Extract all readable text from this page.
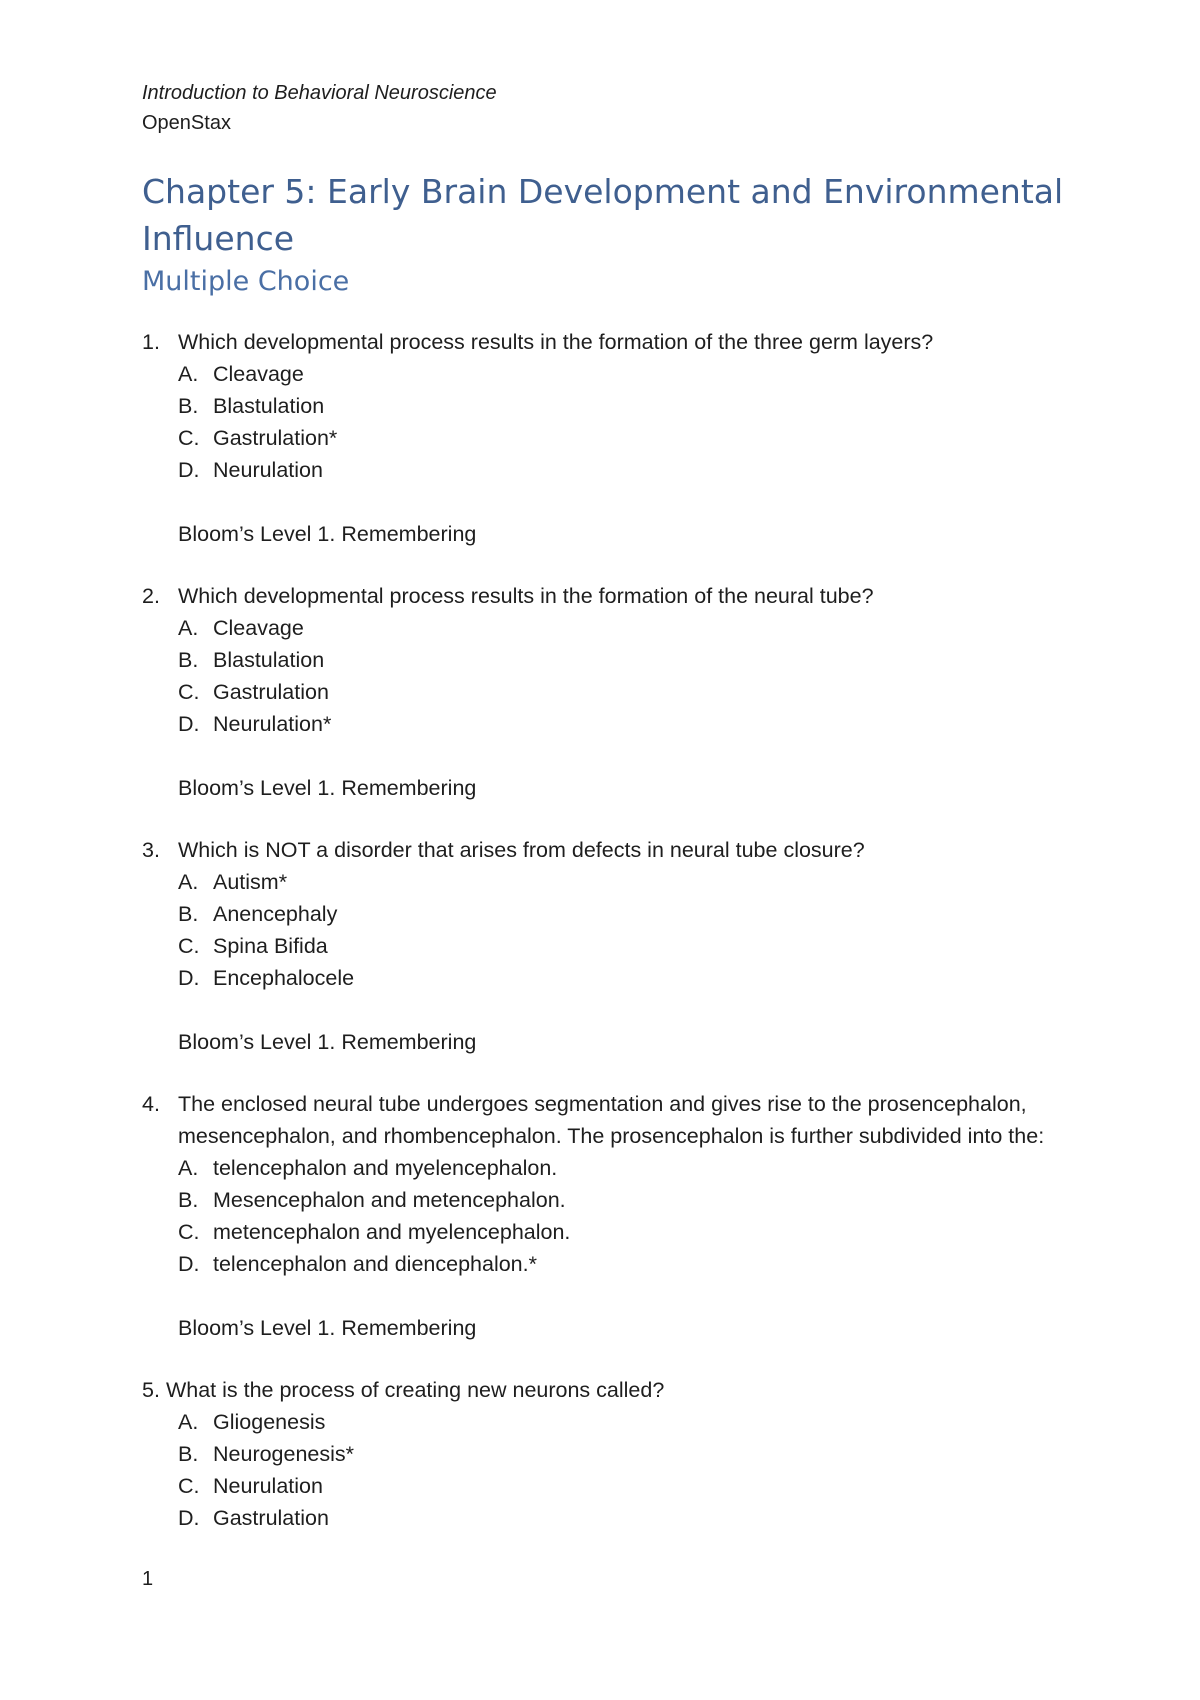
Introduction to Behavioral Neuroscience
OpenStax
Chapter 5: Early Brain Development and Environmental Influence
Multiple Choice
1. Which developmental process results in the formation of the three germ layers?
A. Cleavage
B. Blastulation
C. Gastrulation*
D. Neurulation
Bloom’s Level 1. Remembering
2. Which developmental process results in the formation of the neural tube?
A. Cleavage
B. Blastulation
C. Gastrulation
D. Neurulation*
Bloom’s Level 1. Remembering
3. Which is NOT a disorder that arises from defects in neural tube closure?
A. Autism*
B. Anencephaly
C. Spina Bifida
D. Encephalocele
Bloom’s Level 1. Remembering
4. The enclosed neural tube undergoes segmentation and gives rise to the prosencephalon, mesencephalon, and rhombencephalon. The prosencephalon is further subdivided into the:
A. telencephalon and myelencephalon.
B. Mesencephalon and metencephalon.
C. metencephalon and myelencephalon.
D. telencephalon and diencephalon.*
Bloom’s Level 1. Remembering
5. What is the process of creating new neurons called?
A. Gliogenesis
B. Neurogenesis*
C. Neurulation
D. Gastrulation
1
